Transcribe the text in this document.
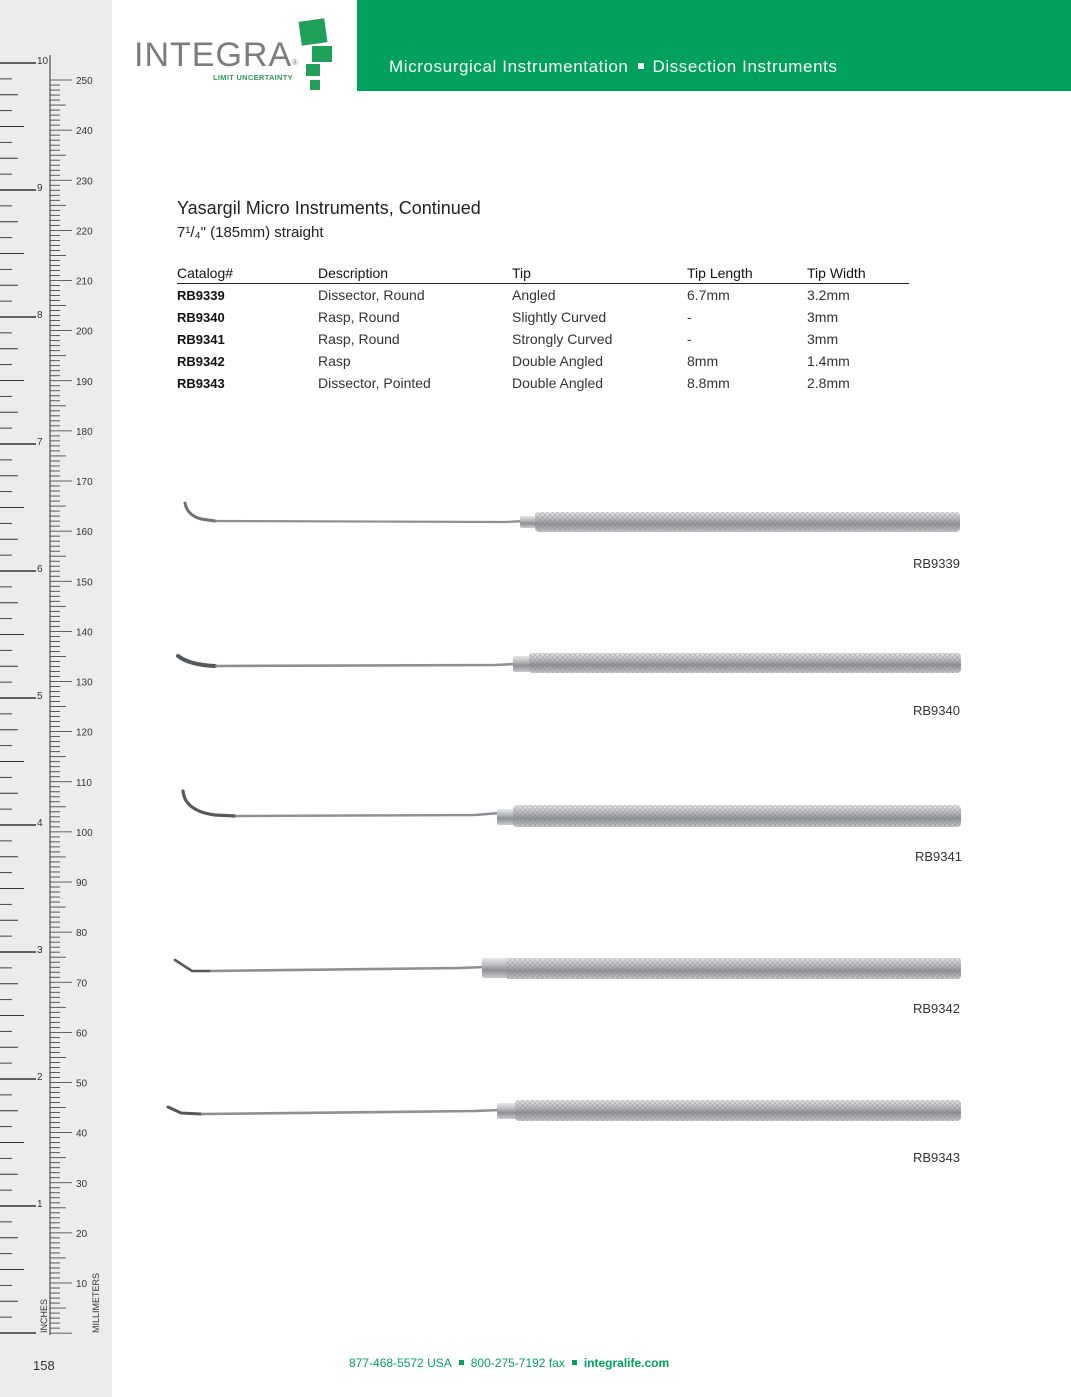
10
9
8
7
6
5
4
3
2
1
250
240
230
220
210
200
190
180
170
160
150
140
130
120
110
100
90
80
70
60
50
40
30
20
10
INCHES	MILLIMETERS
158
INTEGRA ®
LIMIT UNCERTAINTY
Microsurgical Instrumentation Dissection Instruments
Yasargil Micro Instruments, Continued
7¹/₄" (185mm) straight
Catalog#	Description	Tip	Tip Length	Tip Width
RB9339	Dissector, Round	Angled	6.7mm	3.2mm
RB9340	Rasp, Round	Slightly Curved	-	3mm
RB9341	Rasp, Round	Strongly Curved	-	3mm
RB9342	Rasp	Double Angled	8mm	1.4mm
RB9343	Dissector, Pointed	Double Angled	8.8mm	2.8mm
RB9339
RB9340
RB9341
RB9342
RB9343
877-468-5572 USA 800-275-7192 fax integralife.com
